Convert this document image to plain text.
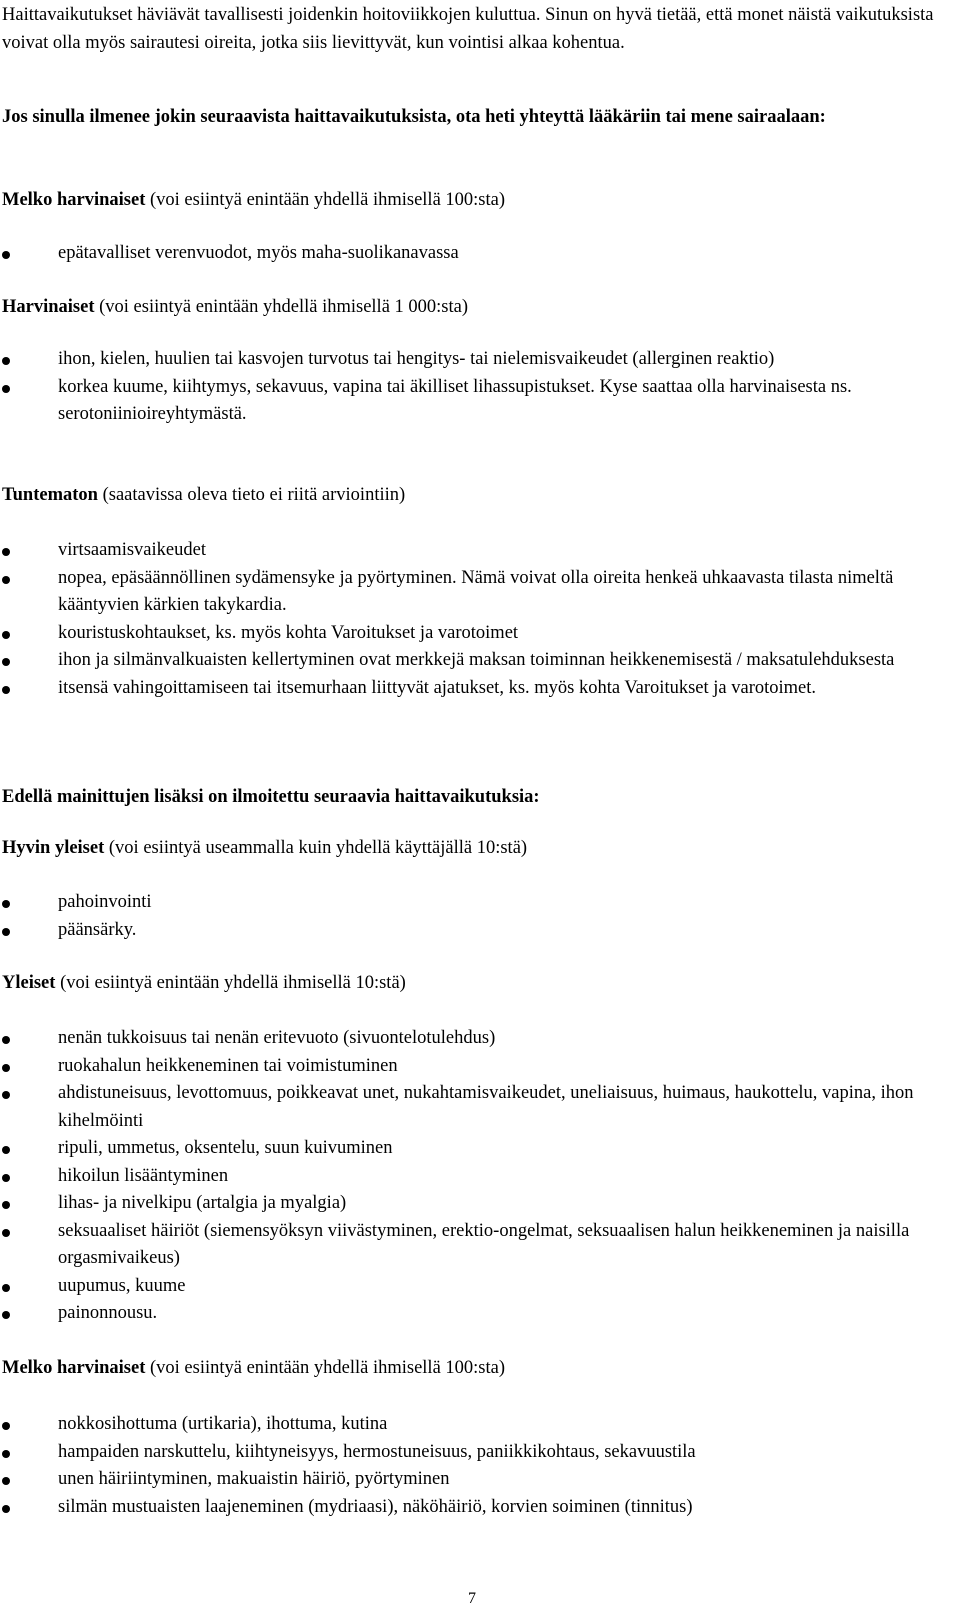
Haittavaikutukset häviävät tavallisesti joidenkin hoitoviikkojen kuluttua. Sinun on hyvä tietää, että monet näistä vaikutuksista voivat olla myös sairautesi oireita, jotka siis lievittyvät, kun vointisi alkaa kohentua.

Jos sinulla ilmenee jokin seuraavista haittavaikutuksista, ota heti yhteyttä lääkäriin tai mene sairaalaan:

Melko harvinaiset (voi esiintyä enintään yhdellä ihmisellä 100:sta)

epätavalliset verenvuodot, myös maha-suolikanavassa

Harvinaiset (voi esiintyä enintään yhdellä ihmisellä 1 000:sta)

ihon, kielen, huulien tai kasvojen turvotus tai hengitys- tai nielemisvaikeudet (allerginen reaktio)
korkea kuume, kiihtymys, sekavuus, vapina tai äkilliset lihassupistukset. Kyse saattaa olla harvinaisesta ns. serotoniinioireyhtymästä.

Tuntematon (saatavissa oleva tieto ei riitä arviointiin)

virtsaamisvaikeudet
nopea, epäsäännöllinen sydämensyke ja pyörtyminen. Nämä voivat olla oireita henkeä uhkaavasta tilasta nimeltä kääntyvien kärkien takykardia.
kouristuskohtaukset, ks. myös kohta Varoitukset ja varotoimet
ihon ja silmänvalkuaisten kellertyminen ovat merkkejä maksan toiminnan heikkenemisestä / maksatulehduksesta
itsensä vahingoittamiseen tai itsemurhaan liittyvät ajatukset, ks. myös kohta Varoitukset ja varotoimet.

Edellä mainittujen lisäksi on ilmoitettu seuraavia haittavaikutuksia:

Hyvin yleiset (voi esiintyä useammalla kuin yhdellä käyttäjällä 10:stä)

pahoinvointi
päänsärky.

Yleiset (voi esiintyä enintään yhdellä ihmisellä 10:stä)

nenän tukkoisuus tai nenän eritevuoto (sivuontelotulehdus)
ruokahalun heikkeneminen tai voimistuminen
ahdistuneisuus, levottomuus, poikkeavat unet, nukahtamisvaikeudet, uneliaisuus, huimaus, haukottelu, vapina, ihon kihelmöinti
ripuli, ummetus, oksentelu, suun kuivuminen
hikoilun lisääntyminen
lihas- ja nivelkipu (artalgia ja myalgia)
seksuaaliset häiriöt (siemensyöksyn viivästyminen, erektio-ongelmat, seksuaalisen halun heikkeneminen ja naisilla orgasmivaikeus)
uupumus, kuume
painonnousu.

Melko harvinaiset (voi esiintyä enintään yhdellä ihmisellä 100:sta)

nokkosihottuma (urtikaria), ihottuma, kutina
hampaiden narskuttelu, kiihtyneisyys, hermostuneisuus, paniikkikohtaus, sekavuustila
unen häiriintyminen, makuaistin häiriö, pyörtyminen
silmän mustuaisten laajeneminen (mydriaasi), näköhäiriö, korvien soiminen (tinnitus)
7
